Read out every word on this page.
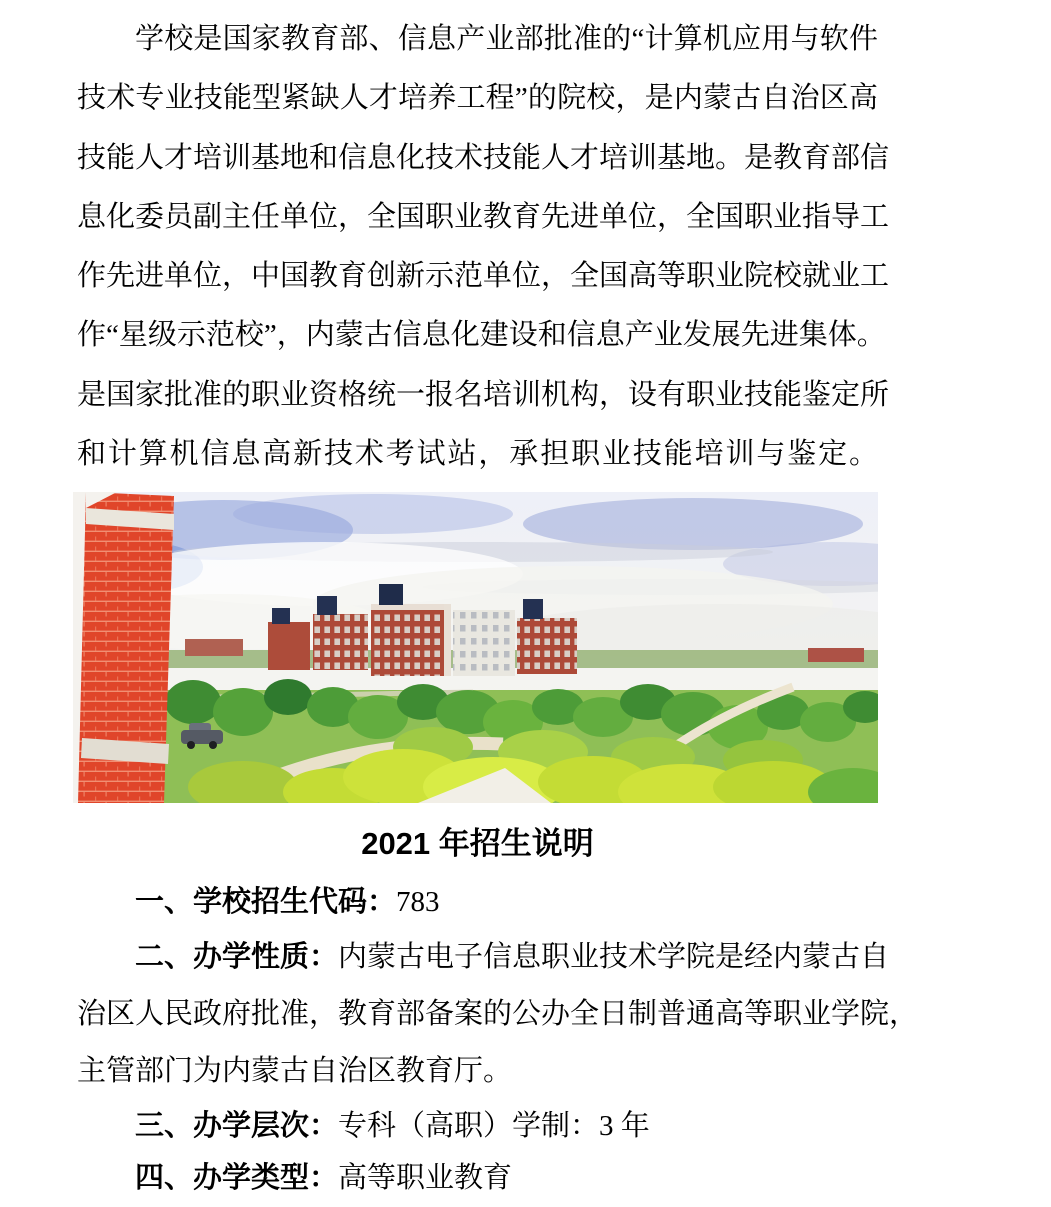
学校是国家教育部、信息产业部批准的“计算机应用与软件
技术专业技能型紧缺人才培养工程”的院校，是内蒙古自治区高
技能人才培训基地和信息化技术技能人才培训基地。是教育部信
息化委员副主任单位，全国职业教育先进单位，全国职业指导工
作先进单位，中国教育创新示范单位，全国高等职业院校就业工
作“星级示范校”，内蒙古信息化建设和信息产业发展先进集体。
是国家批准的职业资格统一报名培训机构，设有职业技能鉴定所
和计算机信息高新技术考试站，承担职业技能培训与鉴定。
2021 年招生说明
一、学校招生代码：783
二、办学性质：内蒙古电子信息职业技术学院是经内蒙古自
治区人民政府批准，教育部备案的公办全日制普通高等职业学院，
主管部门为内蒙古自治区教育厅。
三、办学层次：专科（高职）学制：3 年
四、办学类型：高等职业教育
